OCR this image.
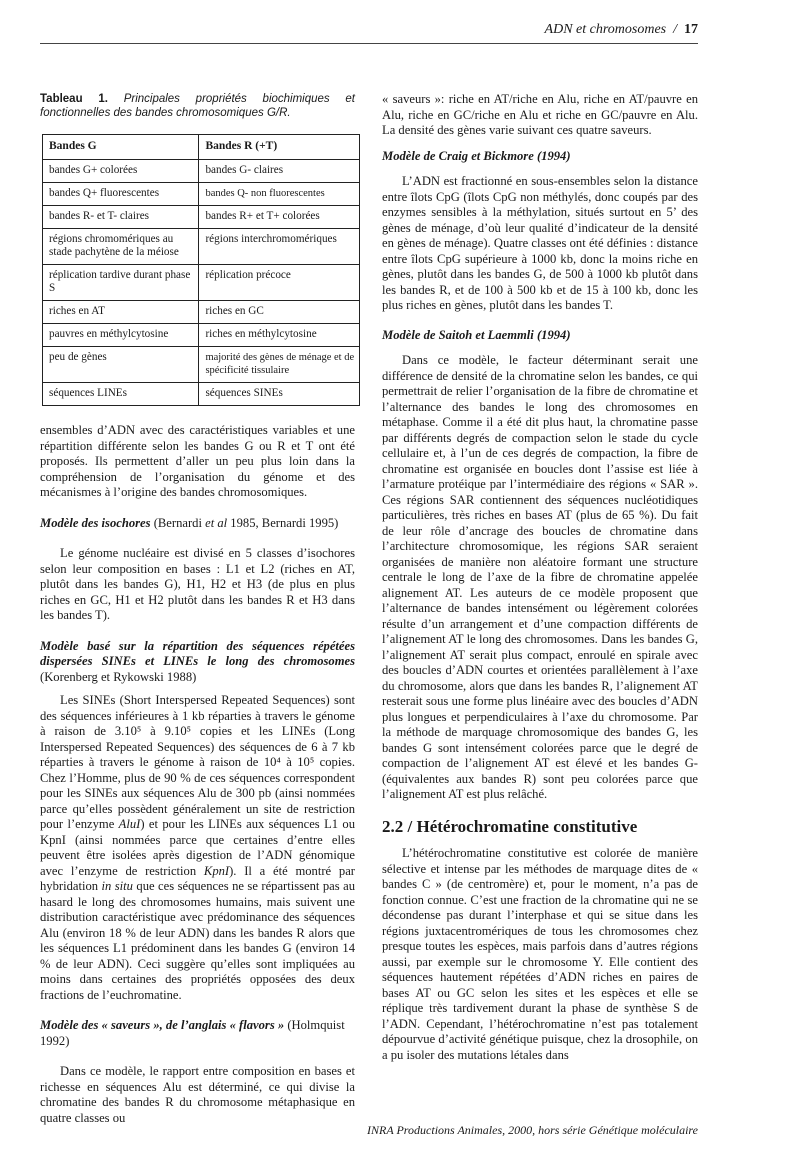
ADN et chromosomes / 17

Tableau 1. Principales propriétés biochimiques et fonctionnelles des bandes chromosomiques G/R.

Bandes G	Bandes R (+T)
bandes G+ colorées	bandes G- claires
bandes Q+ fluorescentes	bandes Q- non fluorescentes
bandes R- et T- claires	bandes R+ et T+ colorées
régions chromomériques au stade pachytène de la méiose	régions interchromomériques
réplication tardive durant phase S	réplication précoce
riches en AT	riches en GC
pauvres en méthylcytosine	riches en méthylcytosine
peu de gènes	majorité des gènes de ménage et de spécificité tissulaire
séquences LINEs	séquences SINEs

ensembles d’ADN avec des caractéristiques variables et une répartition différente selon les bandes G ou R et T ont été proposés. Ils permettent d’aller un peu plus loin dans la compréhension de l’organisation du génome et des mécanismes à l’origine des bandes chromosomiques.

Modèle des isochores (Bernardi et al 1985, Bernardi 1995)

Le génome nucléaire est divisé en 5 classes d’isochores selon leur composition en bases : L1 et L2 (riches en AT, plutôt dans les bandes G), H1, H2 et H3 (de plus en plus riches en GC, H1 et H2 plutôt dans les bandes R et H3 dans les bandes T).

Modèle basé sur la répartition des séquences répétées dispersées SINEs et LINEs le long des chromosomes (Korenberg et Rykowski 1988)

Les SINEs (Short Interspersed Repeated Sequences) sont des séquences inférieures à 1 kb réparties à travers le génome à raison de 3.10⁵ à 9.10⁵ copies et les LINEs (Long Interspersed Repeated Sequences) des séquences de 6 à 7 kb réparties à travers le génome à raison de 10⁴ à 10⁵ copies. Chez l’Homme, plus de 90 % de ces séquences correspondent pour les SINEs aux séquences Alu de 300 pb (ainsi nommées parce qu’elles possèdent généralement un site de restriction pour l’enzyme AluI) et pour les LINEs aux séquences L1 ou KpnI (ainsi nommées parce que certaines d’entre elles peuvent être isolées après digestion de l’ADN génomique avec l’enzyme de restriction KpnI). Il a été montré par hybridation in situ que ces séquences ne se répartissent pas au hasard le long des chromosomes humains, mais suivent une distribution caractéristique avec prédominance des séquences Alu (environ 18 % de leur ADN) dans les bandes R alors que les séquences L1 prédominent dans les bandes G (environ 14 % de leur ADN). Ceci suggère qu’elles sont impliquées au moins dans certaines des propriétés opposées des deux fractions de l’euchromatine.

Modèle des « saveurs », de l’anglais « flavors » (Holmquist 1992)

Dans ce modèle, le rapport entre composition en bases et richesse en séquences Alu est déterminé, ce qui divise la chromatine des bandes R du chromosome métaphasique en quatre classes ou

« saveurs »: riche en AT/riche en Alu, riche en AT/pauvre en Alu, riche en GC/riche en Alu et riche en GC/pauvre en Alu. La densité des gènes varie suivant ces quatre saveurs.

Modèle de Craig et Bickmore (1994)

L’ADN est fractionné en sous-ensembles selon la distance entre îlots CpG (îlots CpG non méthylés, donc coupés par des enzymes sensibles à la méthylation, situés surtout en 5’ des gènes de ménage, d’où leur qualité d’indicateur de la densité en gènes de ménage). Quatre classes ont été définies : distance entre îlots CpG supérieure à 1000 kb, donc la moins riche en gènes, plutôt dans les bandes G, de 500 à 1000 kb plutôt dans les bandes R, et de 100 à 500 kb et de 15 à 100 kb, donc les plus riches en gènes, plutôt dans les bandes T.

Modèle de Saitoh et Laemmli (1994)

Dans ce modèle, le facteur déterminant serait une différence de densité de la chromatine selon les bandes, ce qui permettrait de relier l’organisation de la fibre de chromatine et l’alternance des bandes le long des chromosomes en métaphase. Comme il a été dit plus haut, la chromatine passe par différents degrés de compaction selon le stade du cycle cellulaire et, à l’un de ces degrés de compaction, la fibre de chromatine est organisée en boucles dont l’assise est liée à l’armature protéique par l’intermédiaire des régions « SAR ». Ces régions SAR contiennent des séquences nucléotidiques particulières, très riches en bases AT (plus de 65 %). Du fait de leur rôle d’ancrage des boucles de chromatine dans l’architecture chromosomique, les régions SAR seraient organisées de manière non aléatoire formant une structure centrale le long de l’axe de la fibre de chromatine appelée alignement AT. Les auteurs de ce modèle proposent que l’alternance de bandes intensément ou légèrement colorées résulte d’un arrangement et d’une compaction différents de l’alignement AT le long des chromosomes. Dans les bandes G, l’alignement AT serait plus compact, enroulé en spirale avec des boucles d’ADN courtes et orientées parallèlement à l’axe du chromosome, alors que dans les bandes R, l’alignement AT resterait sous une forme plus linéaire avec des boucles d’ADN plus longues et perpendiculaires à l’axe du chromosome. Par la méthode de marquage chromosomique des bandes G, les bandes G sont intensément colorées parce que le degré de compaction de l’alignement AT est élevé et les bandes G- (équivalentes aux bandes R) sont peu colorées parce que l’alignement AT est plus relâché.

2.2 / Hétérochromatine constitutive

L’hétérochromatine constitutive est colorée de manière sélective et intense par les méthodes de marquage dites de « bandes C » (de centromère) et, pour le moment, n’a pas de fonction connue. C’est une fraction de la chromatine qui ne se décondense pas durant l’interphase et qui se situe dans les régions juxtacentromériques de tous les chromosomes chez presque toutes les espèces, mais parfois dans d’autres régions aussi, par exemple sur le chromosome Y. Elle contient des séquences hautement répétées d’ADN riches en paires de bases AT ou GC selon les sites et les espèces et elle se réplique très tardivement durant la phase de synthèse S de l’ADN. Cependant, l’hétérochromatine n’est pas totalement dépourvue d’activité génétique puisque, chez la drosophile, on a pu isoler des mutations létales dans

INRA Productions Animales, 2000, hors série Génétique moléculaire
